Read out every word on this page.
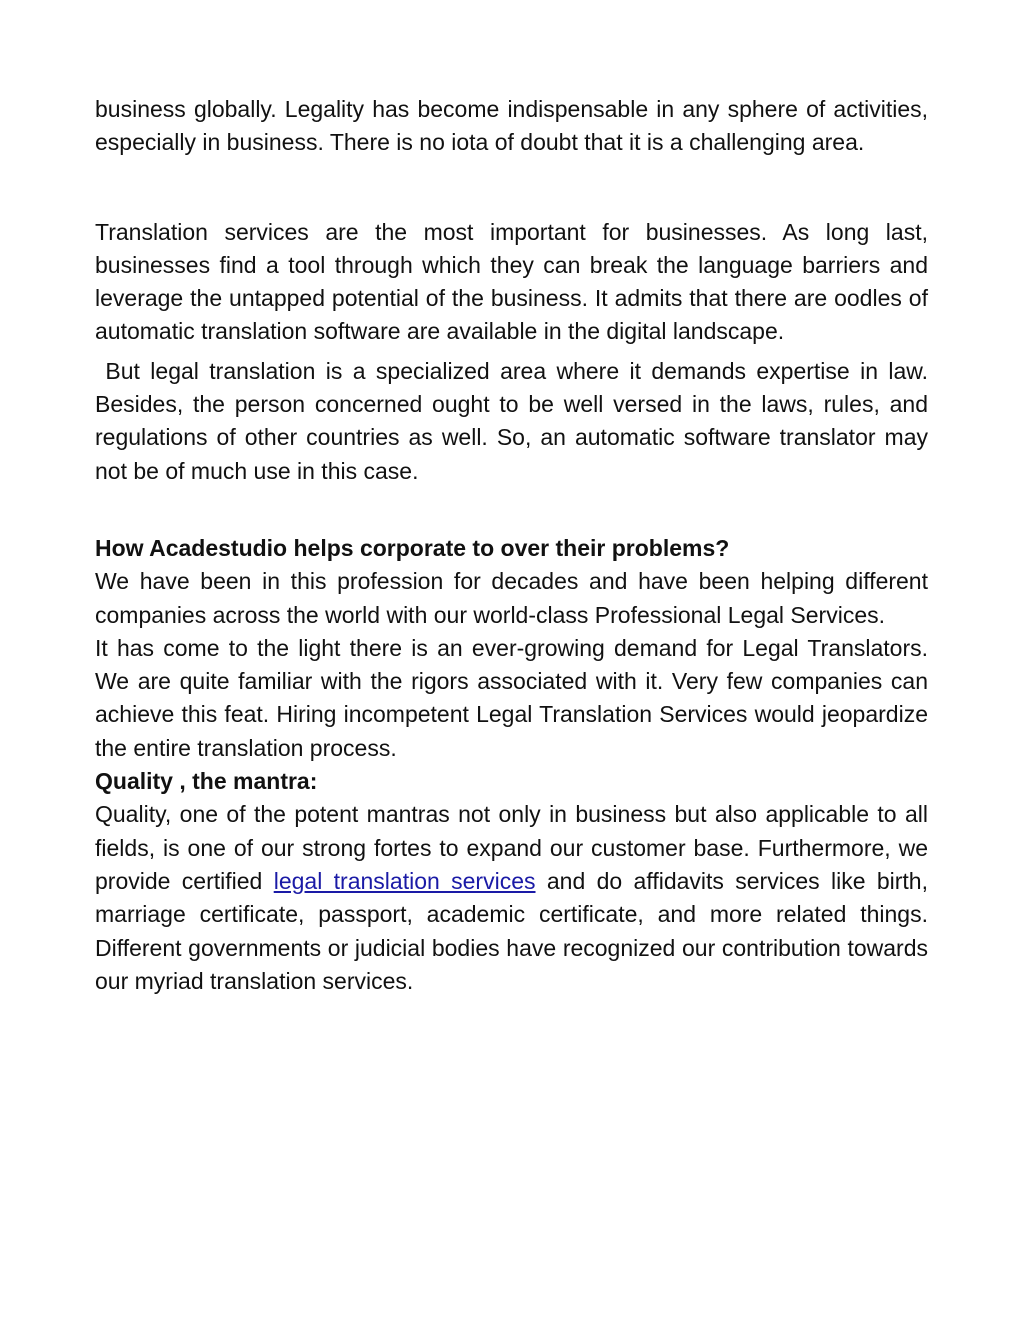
business globally. Legality has become indispensable in any sphere of activities, especially in business. There is no iota of doubt that it is a challenging area.

Translation services are the most important for businesses. As long last, businesses find a tool through which they can break the language barriers and leverage the untapped potential of the business. It admits that there are oodles of automatic translation software are available in the digital landscape.

But legal translation is a specialized area where it demands expertise in law. Besides, the person concerned ought to be well versed in the laws, rules, and regulations of other countries as well. So, an automatic software translator may not be of much use in this case.

How Acadestudio helps corporate to over their problems?

We have been in this profession for decades and have been helping different companies across the world with our world-class Professional Legal Services.

It has come to the light there is an ever-growing demand for Legal Translators. We are quite familiar with the rigors associated with it. Very few companies can achieve this feat. Hiring incompetent Legal Translation Services would jeopardize the entire translation process.

Quality , the mantra:

Quality, one of the potent mantras not only in business but also applicable to all fields, is one of our strong fortes to expand our customer base. Furthermore, we provide certified legal translation services and do affidavits services like birth, marriage certificate, passport, academic certificate, and more related things. Different governments or judicial bodies have recognized our contribution towards our myriad translation services.
